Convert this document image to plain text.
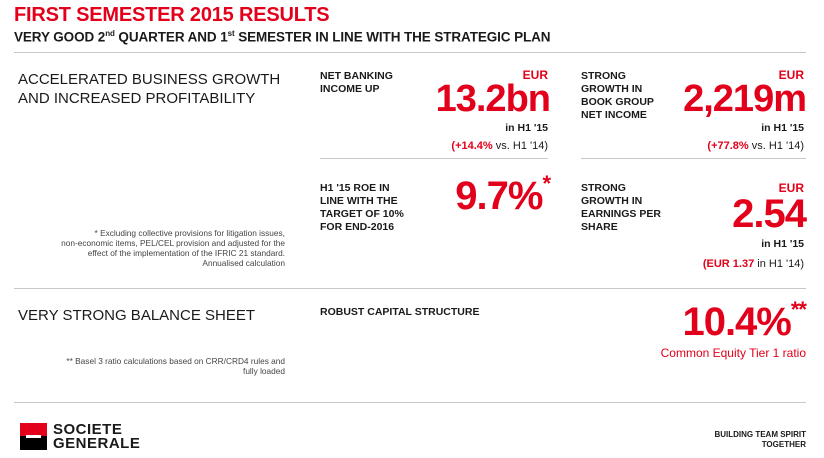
FIRST SEMESTER 2015 RESULTS
VERY GOOD 2nd QUARTER AND 1st SEMESTER IN LINE WITH THE STRATEGIC PLAN
ACCELERATED BUSINESS GROWTH
AND INCREASED PROFITABILITY
* Excluding collective provisions for litigation issues,
non-economic items, PEL/CEL provision and adjusted for the
effect of the implementation of the IFRIC 21 standard.
Annualised calculation
NET BANKING
INCOME UP
EUR
13.2bn
in H1 '15
(+14.4% vs. H1 '14)
STRONG
GROWTH IN
BOOK GROUP
NET INCOME
EUR
2,219m
in H1 '15
(+77.8% vs. H1 '14)
H1 '15 ROE IN
LINE WITH THE
TARGET OF 10%
FOR END-2016
9.7%*	STRONG
GROWTH IN
EARNINGS PER
SHARE
EUR
2.54
in H1 '15
(EUR 1.37 in H1 '14)
VERY STRONG BALANCE SHEET
** Basel 3 ratio calculations based on CRR/CRD4 rules and
fully loaded
ROBUST CAPITAL STRUCTURE	10.4%**
Common Equity Tier 1 ratio
SOCIETE
GENERALE
BUILDING TEAM SPIRIT
TOGETHER
